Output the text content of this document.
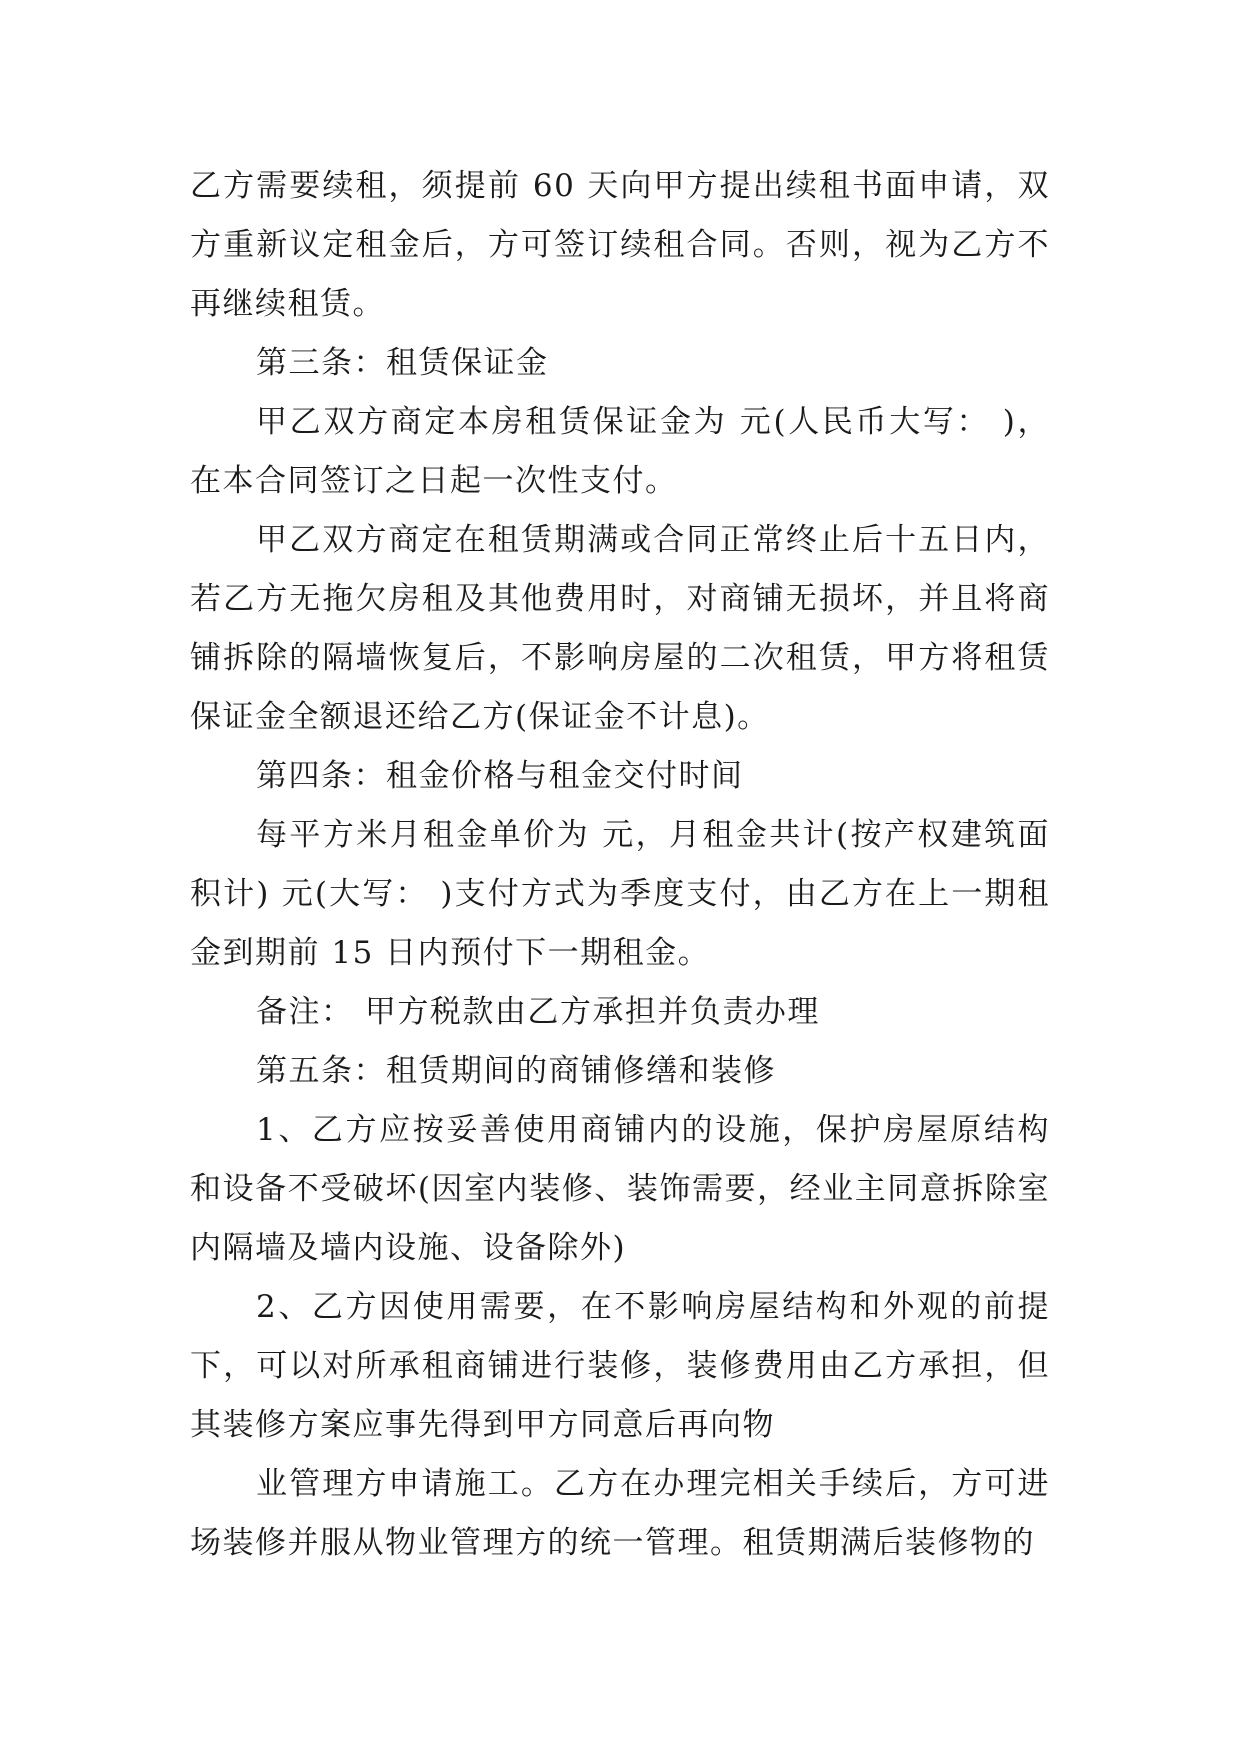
乙方需要续租，须提前 60 天向甲方提出续租书面申请，双方重新议定租金后，方可签订续租合同。否则，视为乙方不再继续租赁。

第三条：租赁保证金

甲乙双方商定本房租赁保证金为 元(人民币大写： )，在本合同签订之日起一次性支付。

甲乙双方商定在租赁期满或合同正常终止后十五日内，若乙方无拖欠房租及其他费用时，对商铺无损坏，并且将商铺拆除的隔墙恢复后，不影响房屋的二次租赁，甲方将租赁保证金全额退还给乙方(保证金不计息)。

第四条：租金价格与租金交付时间

每平方米月租金单价为 元，月租金共计(按产权建筑面积计) 元(大写： )支付方式为季度支付，由乙方在上一期租金到期前 15 日内预付下一期租金。

备注： 甲方税款由乙方承担并负责办理

第五条：租赁期间的商铺修缮和装修

1、乙方应按妥善使用商铺内的设施，保护房屋原结构和设备不受破坏(因室内装修、装饰需要，经业主同意拆除室内隔墙及墙内设施、设备除外)

2、乙方因使用需要，在不影响房屋结构和外观的前提下，可以对所承租商铺进行装修，装修费用由乙方承担，但其装修方案应事先得到甲方同意后再向物

业管理方申请施工。乙方在办理完相关手续后，方可进场装修并服从物业管理方的统一管理。租赁期满后装修物的
